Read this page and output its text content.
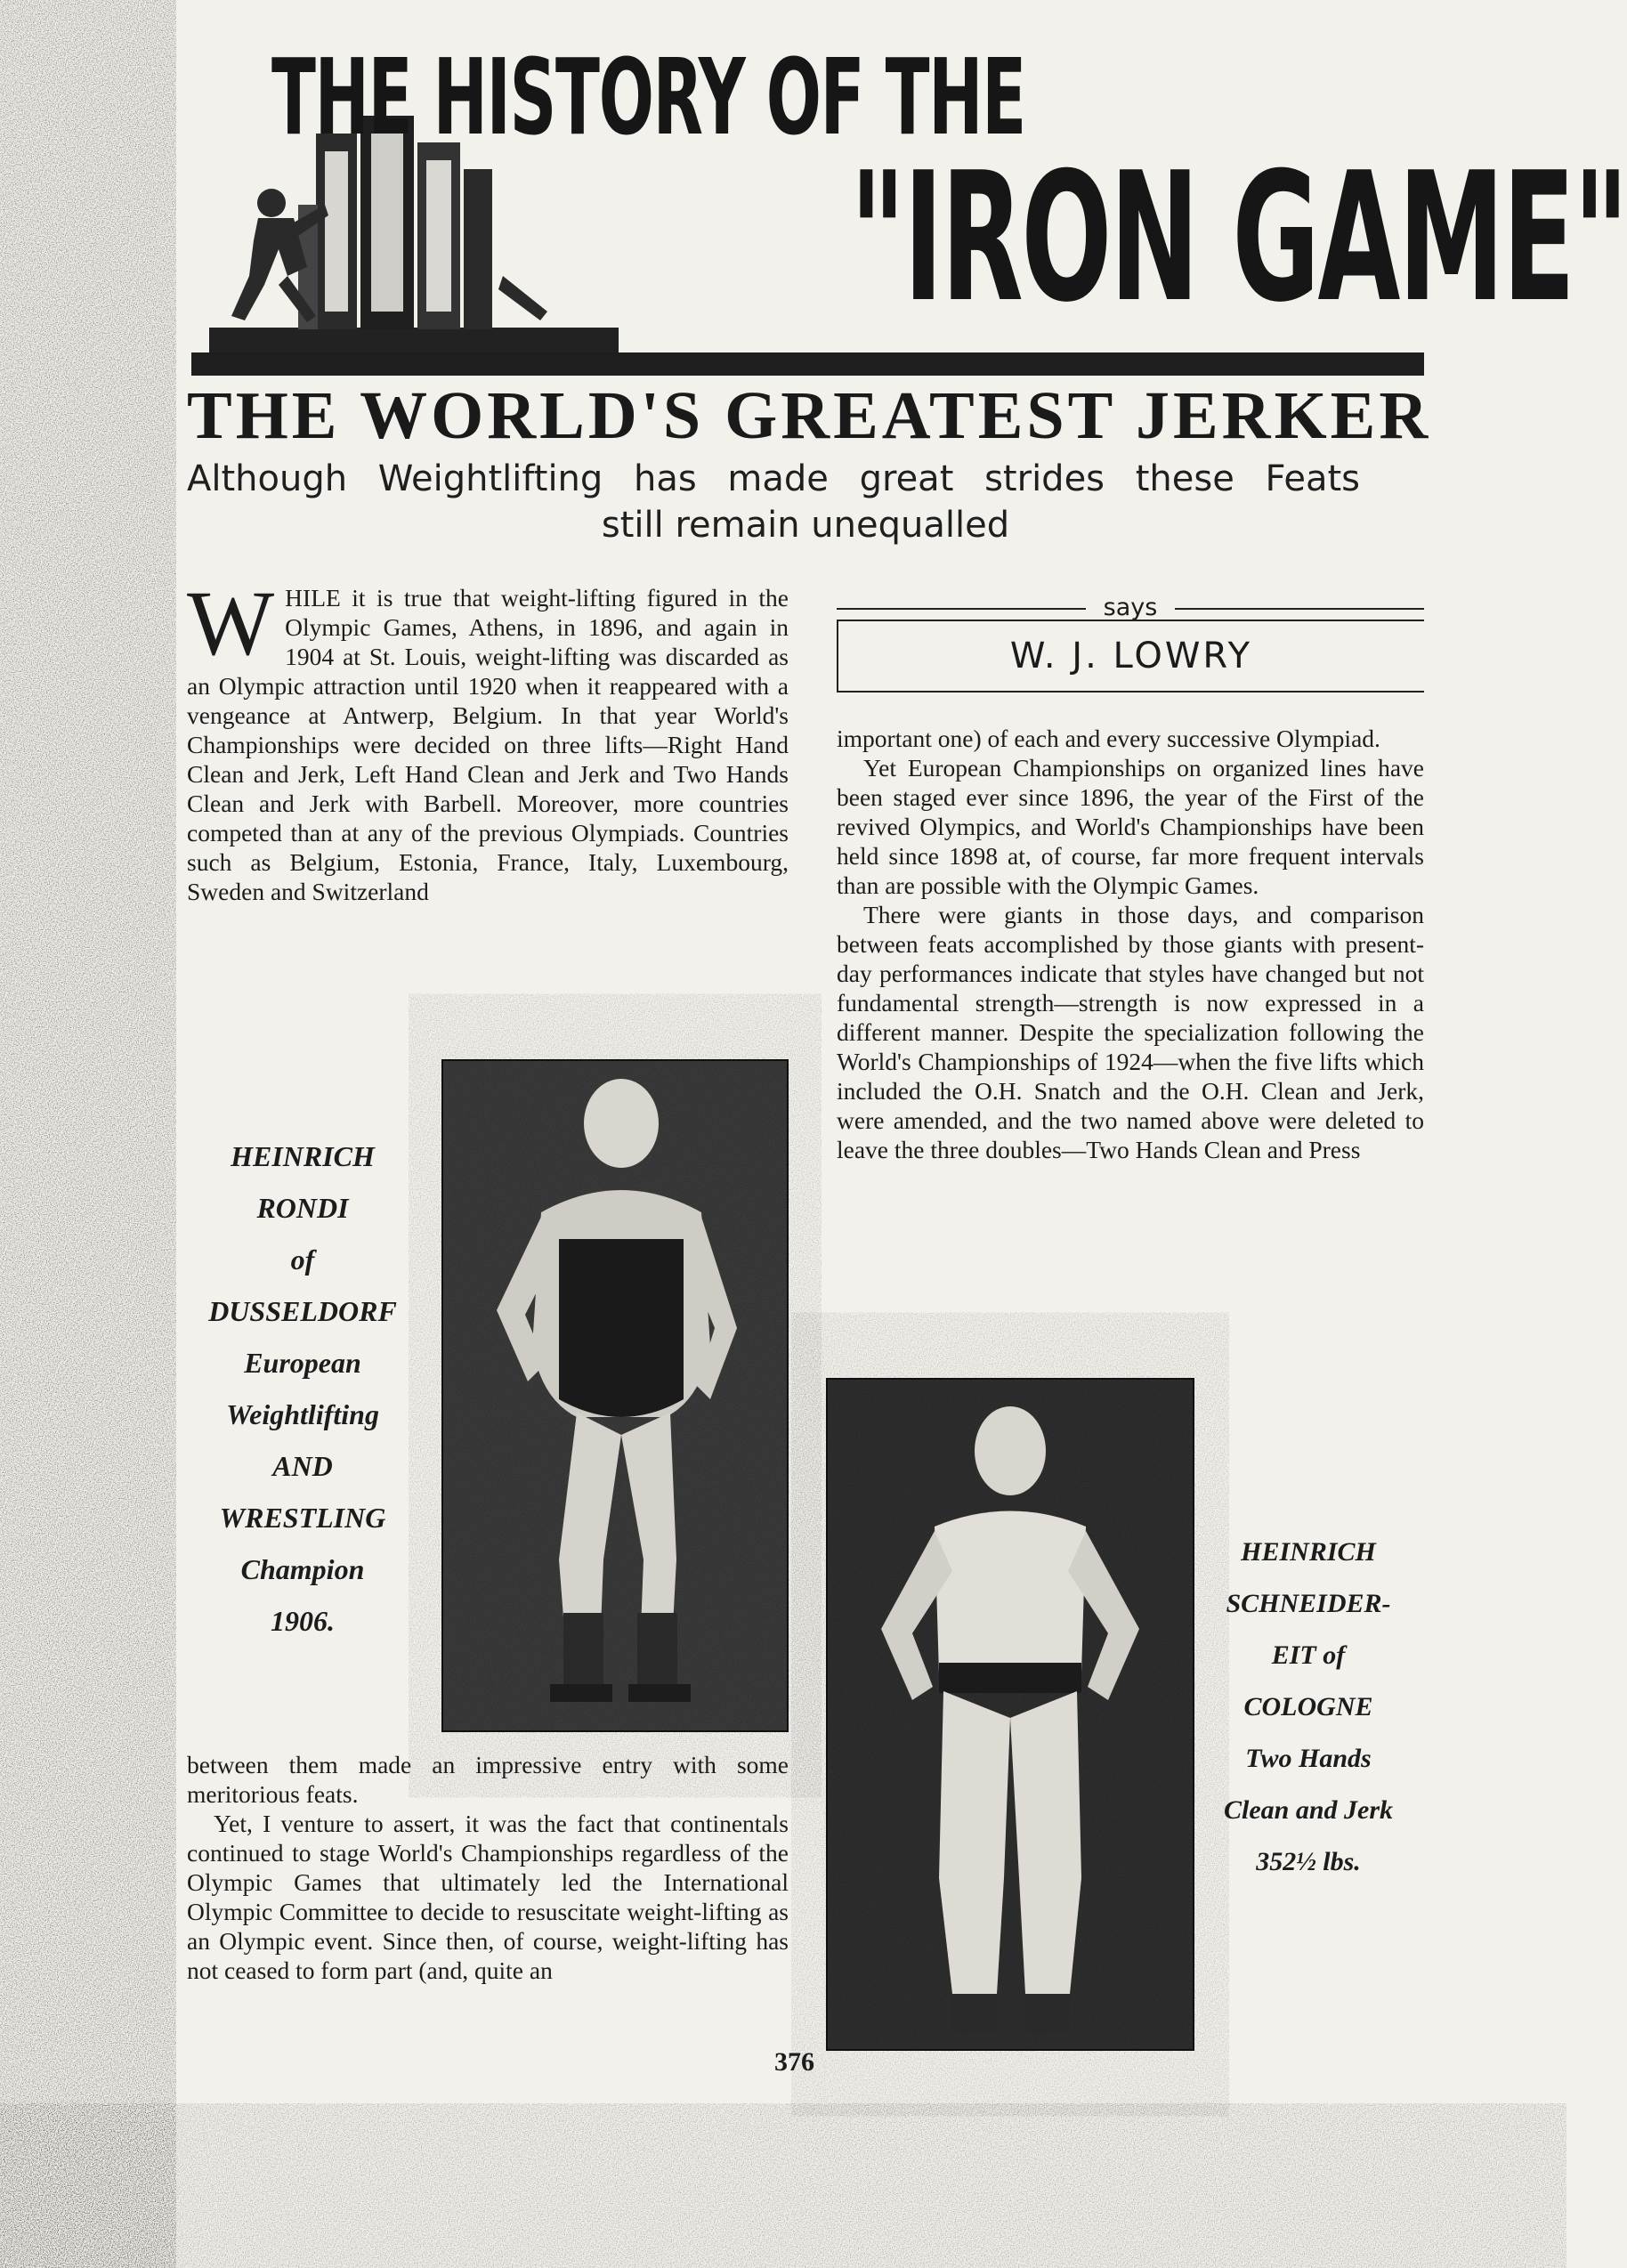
THE HISTORY OF THE
"IRON GAME"
THE WORLD'S GREATEST JERKER
Although Weightlifting has made great strides these Feats
still remain unequalled

WHILE it is true that weight-lifting figured in the Olympic Games, Athens, in 1896, and again in 1904 at St. Louis, weight-lifting was discarded as an Olympic attraction until 1920 when it reappeared with a vengeance at Antwerp, Belgium. In that year World's Championships were decided on three lifts—Right Hand Clean and Jerk, Left Hand Clean and Jerk and Two Hands Clean and Jerk with Barbell. Moreover, more countries competed than at any of the previous Olympiads. Countries such as Belgium, Estonia, France, Italy, Luxembourg, Sweden and Switzerland

says
W. J. LOWRY

important one) of each and every successive Olympiad.

Yet European Championships on organized lines have been staged ever since 1896, the year of the First of the revived Olympics, and World's Championships have been held since 1898 at, of course, far more frequent intervals than are possible with the Olympic Games.

There were giants in those days, and comparison between feats accomplished by those giants with present-day performances indicate that styles have changed but not fundamental strength—strength is now expressed in a different manner. Despite the specialization following the World's Championships of 1924—when the five lifts which included the O.H. Snatch and the O.H. Clean and Jerk, were amended, and the two named above were deleted to leave the three doubles—Two Hands Clean and Press

HEINRICH
RONDI
of
DUSSELDORF
European
Weightlifting
AND
WRESTLING
Champion
1906.

between them made an impressive entry with some meritorious feats.

Yet, I venture to assert, it was the fact that continentals continued to stage World's Championships regardless of the Olympic Games that ultimately led the International Olympic Committee to decide to resuscitate weight-lifting as an Olympic event. Since then, of course, weight-lifting has not ceased to form part (and, quite an

HEINRICH
SCHNEIDER-
EIT of
COLOGNE
Two Hands
Clean and Jerk
352½ lbs.
376
